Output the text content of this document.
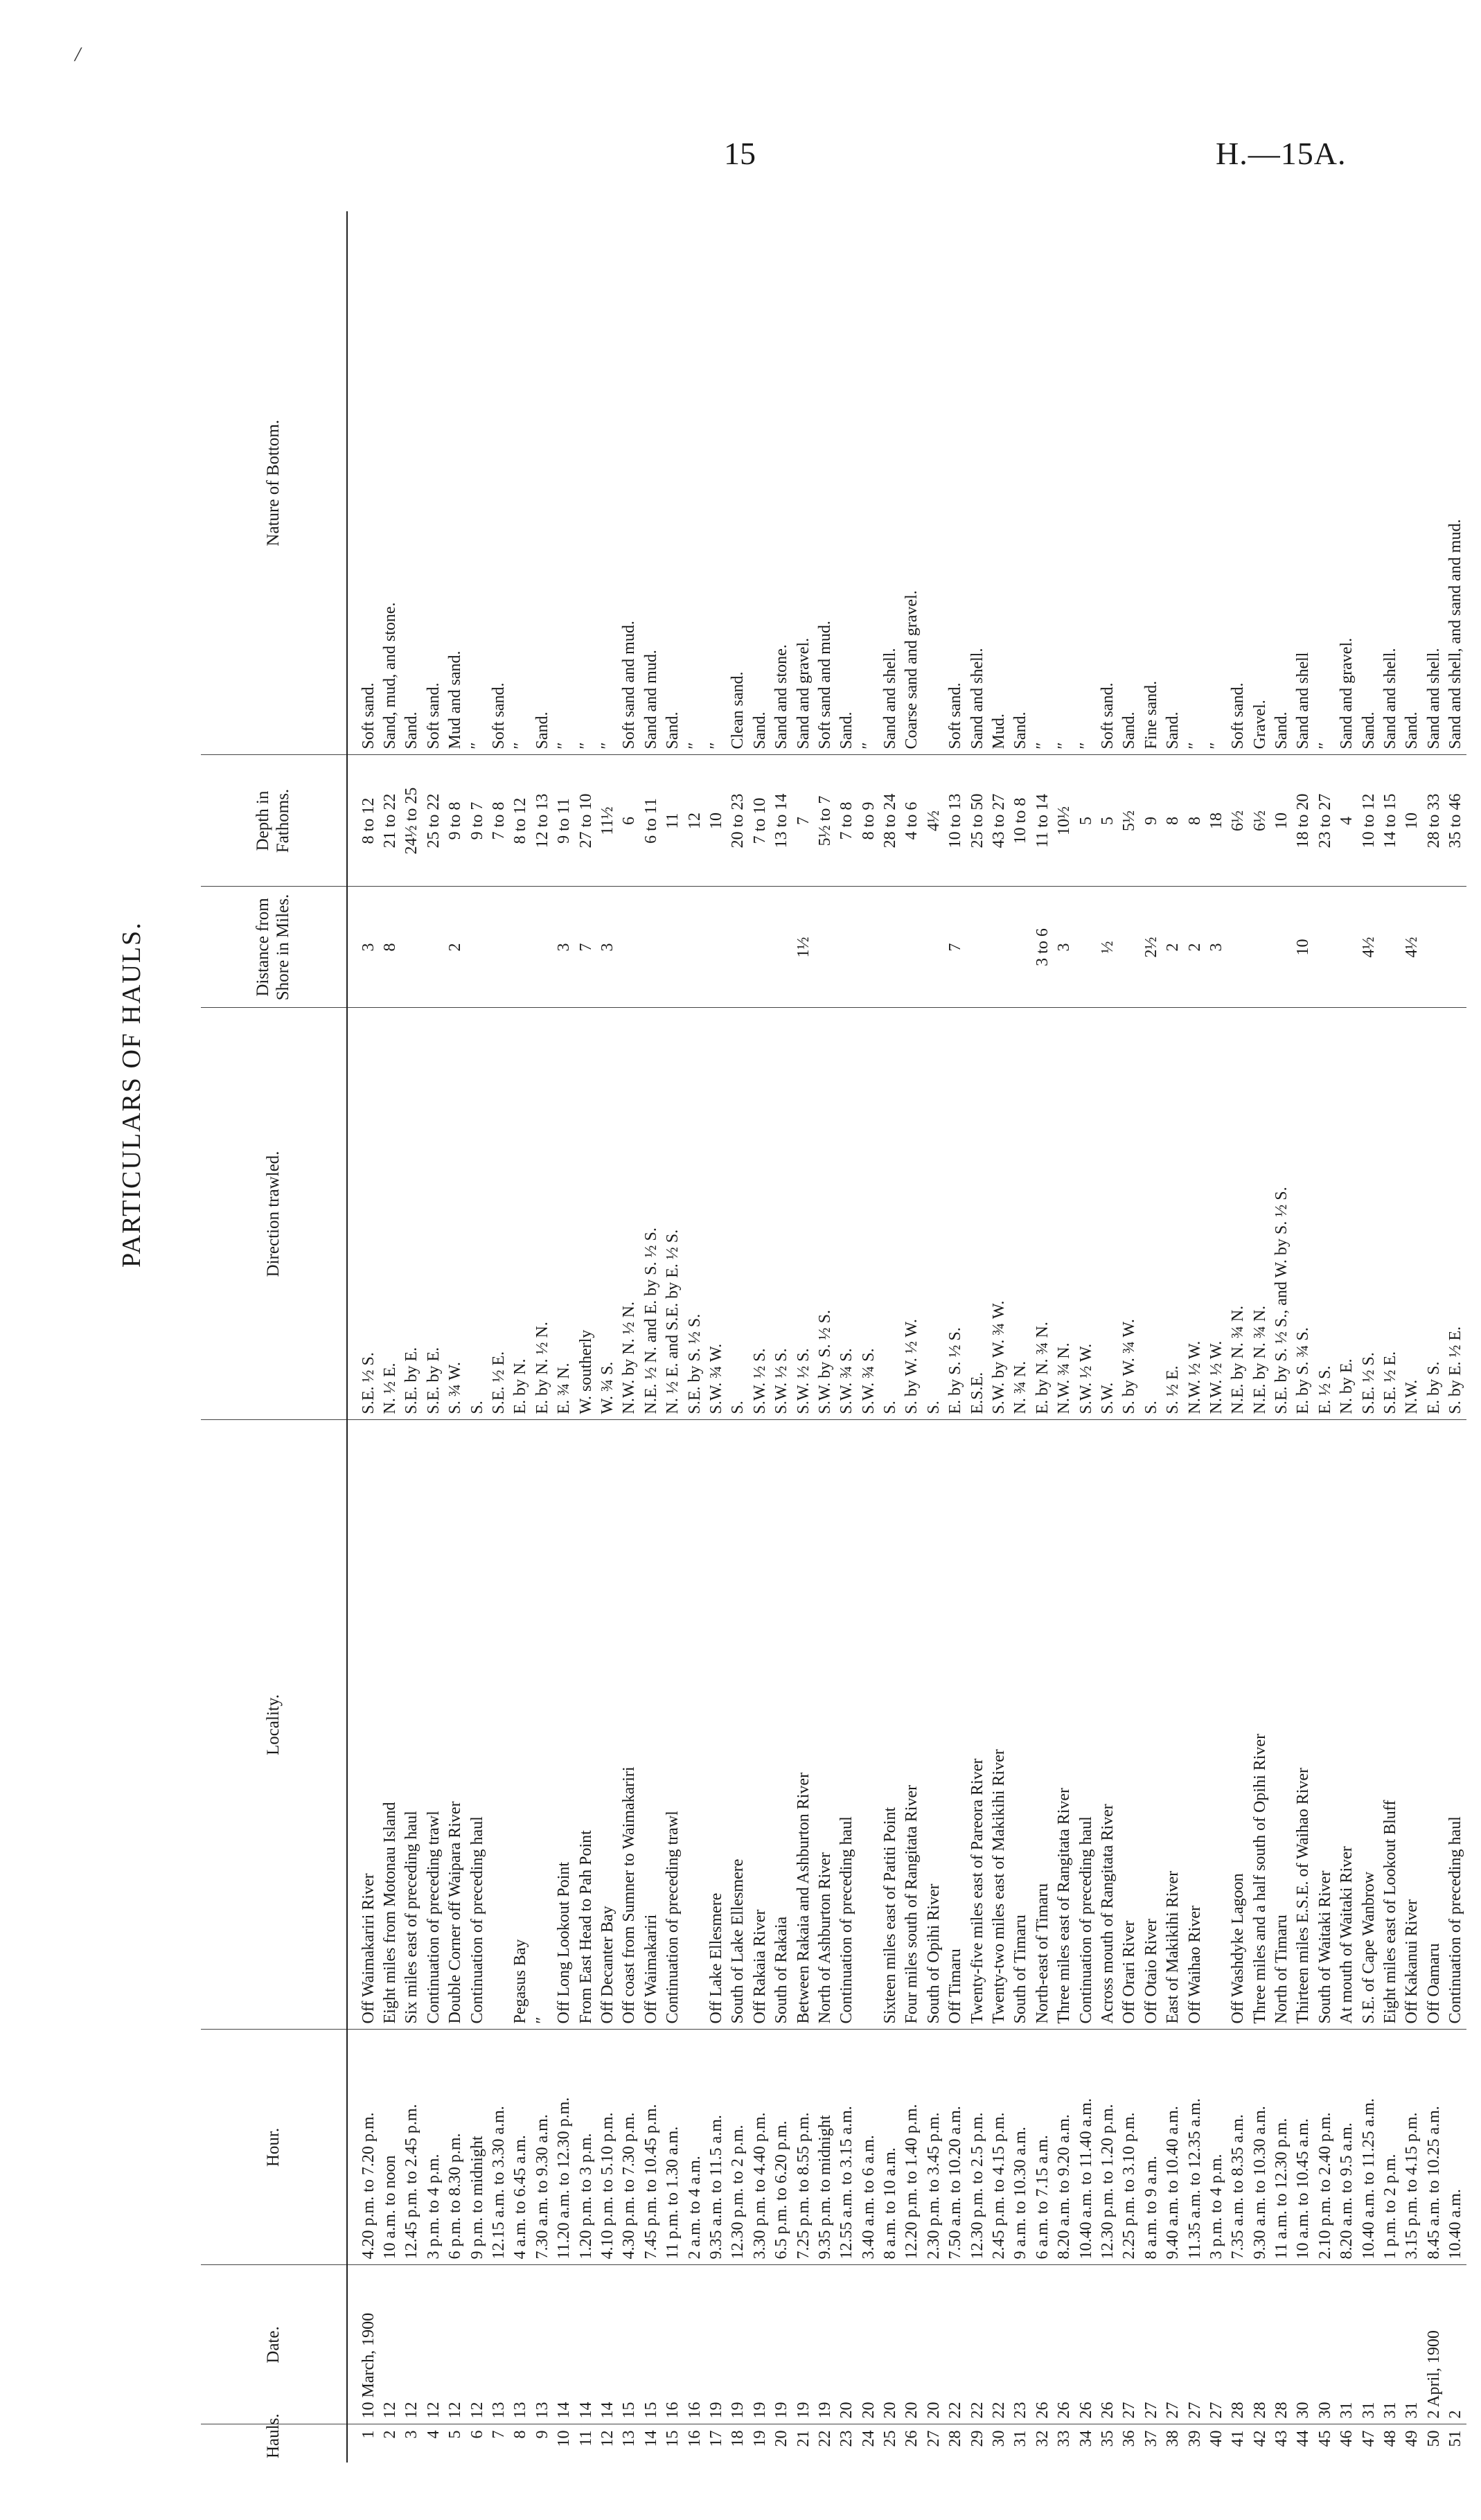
/
15	H.—15A.
PARTICULARS OF HAULS.
Hauls.	Date.	Hour.	Locality.	Direction trawled.	Distance from Shore in Miles.	Depth in Fathoms.	Nature of Bottom.
1	10 March, 1900	4.20 p.m. to 7.20 p.m.	Off Waimakariri River	S.E. ½ S.	3	8 to 12	Soft sand.
2	12	10 a.m. to noon	Eight miles from Motonau Island	N. ½ E.	8	21 to 22	Sand, mud, and stone.
3	12	12.45 p.m. to 2.45 p.m.	Six miles east of preceding haul	S.E. by E.		24½ to 25	Sand.
4	12	3 p.m. to 4 p.m.	Continuation of preceding trawl	S.E. by E.		25 to 22	Soft sand.
5	12	6 p.m. to 8.30 p.m.	Double Corner off Waipara River	S. ¾ W.	2	9 to 8	Mud and sand.
6	12	9 p.m. to midnight	Continuation of preceding haul	S.		9 to 7	″
7	13	12.15 a.m. to 3.30 a.m.		S.E. ½ E.		7 to 8	Soft sand.
8	13	4 a.m. to 6.45 a.m.	Pegasus Bay	E. by N.		8 to 12	″
9	13	7.30 a.m. to 9.30 a.m.	″	E. by N. ½ N.		12 to 13	Sand.
10	14	11.20 a.m. to 12.30 p.m.	Off Long Lookout Point	E. ¾ N.	3	9 to 11	″
11	14	1.20 p.m. to 3 p.m.	From East Head to Pah Point	W. southerly	7	27 to 10	″
12	14	4.10 p.m. to 5.10 p.m.	Off Decanter Bay	W. ¾ S.	3	11½	″
13	15	4.30 p.m. to 7.30 p.m.	Off coast from Sumner to Waimakariri	N.W. by N. ½ N.		6	Soft sand and mud.
14	15	7.45 p.m. to 10.45 p.m.	Off Waimakariri	N.E. ½ N. and E. by S. ½ S.		6 to 11	Sand and mud.
15	16	11 p.m. to 1.30 a.m.	Continuation of preceding trawl	N. ½ E. and S.E. by E. ½ S.		11	Sand.
16	16	2 a.m. to 4 a.m.		S.E. by S. ½ S.		12	″
17	19	9.35 a.m. to 11.5 a.m.	Off Lake Ellesmere	S.W. ¾ W.		10	″
18	19	12.30 p.m. to 2 p.m.	South of Lake Ellesmere	S.		20 to 23	Clean sand.
19	19	3.30 p.m. to 4.40 p.m.	Off Rakaia River	S.W. ½ S.		7 to 10	Sand.
20	19	6.5 p.m. to 6.20 p.m.	South of Rakaia	S.W. ½ S.		13 to 14	Sand and stone.
21	19	7.25 p.m. to 8.55 p.m.	Between Rakaia and Ashburton River	S.W. ½ S.	1½	7	Sand and gravel.
22	19	9.35 p.m. to midnight	North of Ashburton River	S.W. by S. ½ S.		5½ to 7	Soft sand and mud.
23	20	12.55 a.m. to 3.15 a.m.	Continuation of preceding haul	S.W. ¾ S.		7 to 8	Sand.
24	20	3.40 a.m. to 6 a.m.		S.W. ¾ S.		8 to 9	″
25	20	8 a.m. to 10 a.m.	Sixteen miles east of Patiti Point	S.		28 to 24	Sand and shell.
26	20	12.20 p.m. to 1.40 p.m.	Four miles south of Rangitata River	S. by W. ½ W.		4 to 6	Coarse sand and gravel.
27	20	2.30 p.m. to 3.45 p.m.	South of Opihi River	S.		4½	
28	22	7.50 a.m. to 10.20 a.m.	Off Timaru	E. by S. ½ S.	7	10 to 13	Soft sand.
29	22	12.30 p.m. to 2.5 p.m.	Twenty-five miles east of Pareora River	E.S.E.		25 to 50	Sand and shell.
30	22	2.45 p.m. to 4.15 p.m.	Twenty-two miles east of Makikihi River	S.W. by W. ¾ W.		43 to 27	Mud.
31	23	9 a.m. to 10.30 a.m.	South of Timaru	N. ¾ N.		10 to 8	Sand.
32	26	6 a.m. to 7.15 a.m.	North-east of Timaru	E. by N. ¾ N.	3 to 6	11 to 14	″
33	26	8.20 a.m. to 9.20 a.m.	Three miles east of Rangitata River	N.W. ¾ N.	3	10½	″
34	26	10.40 a.m. to 11.40 a.m.	Continuation of preceding haul	S.W. ½ W.		5	″
35	26	12.30 p.m. to 1.20 p.m.	Across mouth of Rangitata River	S.W.	½	5	Soft sand.
36	27	2.25 p.m. to 3.10 p.m.	Off Orari River	S. by W. ¾ W.		5½	Sand.
37	27	8 a.m. to 9 a.m.	Off Otaio River	S.	2½	9	Fine sand.
38	27	9.40 a.m. to 10.40 a.m.	East of Makikihi River	S. ½ E.	2	8	Sand.
39	27	11.35 a.m. to 12.35 a.m.	Off Waihao River	N.W. ½ W.	2	8	″
40	27	3 p.m. to 4 p.m.		N.W. ½ W.	3	18	″
41	28	7.35 a.m. to 8.35 a.m.	Off Washdyke Lagoon	N.E. by N. ¾ N.		6½	Soft sand.
42	28	9.30 a.m. to 10.30 a.m.	Three miles and a half south of Opihi River	N.E. by N. ¾ N.		6½	Gravel.
43	28	11 a.m. to 12.30 p.m.	North of Timaru	S.E. by S. ½ S., and W. by S. ½ S.		10	Sand.
44	30	10 a.m. to 10.45 a.m.	Thirteen miles E.S.E. of Waihao River	E. by S. ¾ S.	10	18 to 20	Sand and shell
45	30	2.10 p.m. to 2.40 p.m.	South of Waitaki River	E. ½ S.		23 to 27	″
46	31	8.20 a.m. to 9.5 a.m.	At mouth of Waitaki River	N. by E.		4	Sand and gravel.
47	31	10.40 a.m. to 11.25 a.m.	S.E. of Cape Wanbrow	S.E. ½ S.	4½	10 to 12	Sand.
48	31	1 p.m. to 2 p.m.	Eight miles east of Lookout Bluff	S.E. ½ E.		14 to 15	Sand and shell.
49	31	3.15 p.m. to 4.15 p.m.	Off Kakanui River	N.W.	4½	10	Sand.
50	2 April, 1900	8.45 a.m. to 10.25 a.m.	Off Oamaru	E. by S.		28 to 33	Sand and shell.
51	2	10.40 a.m.	Continuation of preceding haul	S. by E. ½ E.		35 to 46	Sand and shell, and sand and mud.
